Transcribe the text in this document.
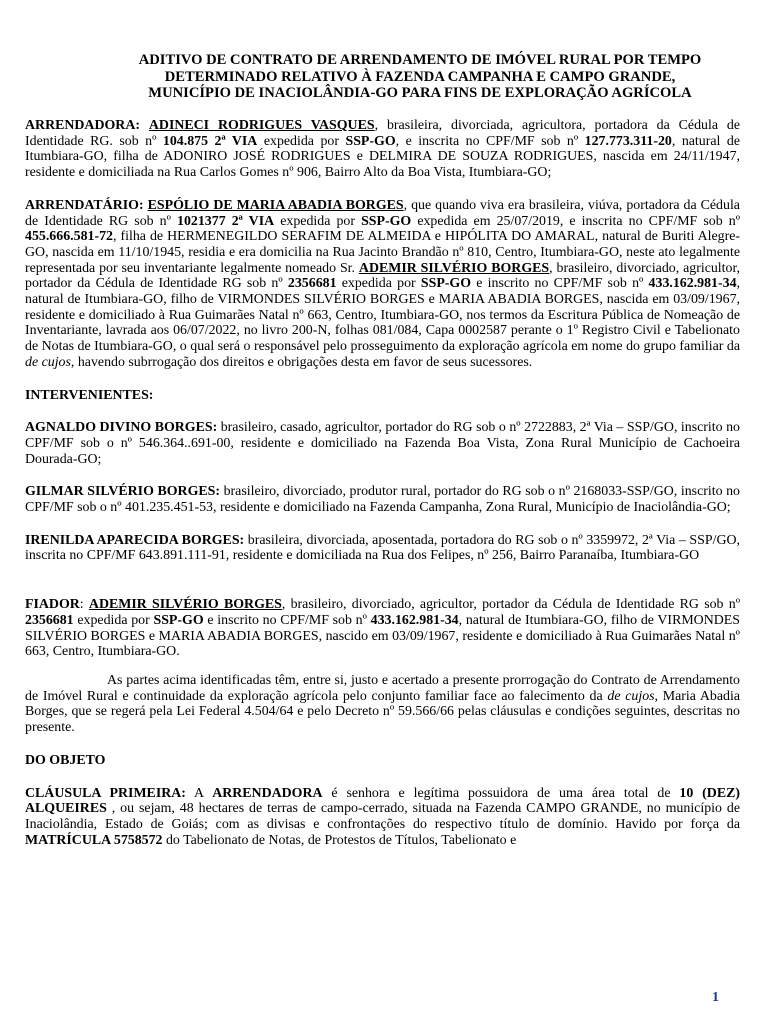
ADITIVO DE CONTRATO DE ARRENDAMENTO DE IMÓVEL RURAL POR TEMPO
DETERMINADO RELATIVO À FAZENDA CAMPANHA E CAMPO GRANDE,
MUNICÍPIO DE INACIOLÂNDIA-GO PARA FINS DE EXPLORAÇÃO AGRÍCOLA

ARRENDADORA: ADINECI RODRIGUES VASQUES, brasileira, divorciada, agricultora, portadora da Cédula de Identidade RG. sob nº 104.875 2ª VIA expedida por SSP-GO, e inscrita no CPF/MF sob nº 127.773.311-20, natural de Itumbiara-GO, filha de ADONIRO JOSÉ RODRIGUES e DELMIRA DE SOUZA RODRIGUES, nascida em 24/11/1947, residente e domiciliada na Rua Carlos Gomes nº 906, Bairro Alto da Boa Vista, Itumbiara-GO;

ARRENDATÁRIO: ESPÓLIO DE MARIA ABADIA BORGES, que quando viva era brasileira, viúva, portadora da Cédula de Identidade RG sob nº 1021377 2ª VIA expedida por SSP-GO expedida em 25/07/2019, e inscrita no CPF/MF sob nº 455.666.581-72, filha de HERMENEGILDO SERAFIM DE ALMEIDA e HIPÓLITA DO AMARAL, natural de Buriti Alegre-GO, nascida em 11/10/1945, residia e era domicilia na Rua Jacinto Brandão nº 810, Centro, Itumbiara-GO, neste ato legalmente representada por seu inventariante legalmente nomeado Sr. ADEMIR SILVÉRIO BORGES, brasileiro, divorciado, agricultor, portador da Cédula de Identidade RG sob nº 2356681 expedida por SSP-GO e inscrito no CPF/MF sob nº 433.162.981-34, natural de Itumbiara-GO, filho de VIRMONDES SILVÉRIO BORGES e MARIA ABADIA BORGES, nascida em 03/09/1967, residente e domiciliado à Rua Guimarães Natal nº 663, Centro, Itumbiara-GO, nos termos da Escritura Pública de Nomeação de Inventariante, lavrada aos 06/07/2022, no livro 200-N, folhas 081/084, Capa 0002587 perante o 1º Registro Civil e Tabelionato de Notas de Itumbiara-GO, o qual será o responsável pelo prosseguimento da exploração agrícola em nome do grupo familiar da de cujos, havendo subrrogação dos direitos e obrigações desta em favor de seus sucessores.

INTERVENIENTES:

AGNALDO DIVINO BORGES: brasileiro, casado, agricultor, portador do RG sob o nº 2722883, 2ª Via – SSP/GO, inscrito no CPF/MF sob o nº 546.364..691-00, residente e domiciliado na Fazenda Boa Vista, Zona Rural Município de Cachoeira Dourada-GO;

GILMAR SILVÉRIO BORGES: brasileiro, divorciado, produtor rural, portador do RG sob o nº 2168033-SSP/GO, inscrito no CPF/MF sob o nº 401.235.451-53, residente e domiciliado na Fazenda Campanha, Zona Rural, Município de Inaciolândia-GO;

IRENILDA APARECIDA BORGES: brasileira, divorciada, aposentada, portadora do RG sob o nº 3359972, 2ª Via – SSP/GO, inscrita no CPF/MF 643.891.111-91, residente e domiciliada na Rua dos Felipes, nº 256, Bairro Paranaíba, Itumbiara-GO

FIADOR: ADEMIR SILVÉRIO BORGES, brasileiro, divorciado, agricultor, portador da Cédula de Identidade RG sob nº 2356681 expedida por SSP-GO e inscrito no CPF/MF sob nº 433.162.981-34, natural de Itumbiara-GO, filho de VIRMONDES SILVÉRIO BORGES e MARIA ABADIA BORGES, nascido em 03/09/1967, residente e domiciliado à Rua Guimarães Natal nº 663, Centro, Itumbiara-GO.

As partes acima identificadas têm, entre si, justo e acertado a presente prorrogação do Contrato de Arrendamento de Imóvel Rural e continuidade da exploração agrícola pelo conjunto familiar face ao falecimento da de cujos, Maria Abadia Borges, que se regerá pela Lei Federal 4.504/64 e pelo Decreto nº 59.566/66 pelas cláusulas e condições seguintes, descritas no presente.

DO OBJETO

CLÁUSULA PRIMEIRA: A ARRENDADORA é senhora e legítima possuidora de uma área total de 10 (DEZ) ALQUEIRES , ou sejam, 48 hectares de terras de campo-cerrado, situada na Fazenda CAMPO GRANDE, no município de Inaciolândia, Estado de Goiás; com as divisas e confrontações do respectivo título de domínio. Havido por força da MATRÍCULA 5758572 do Tabelionato de Notas, de Protestos de Títulos, Tabelionato e

1
